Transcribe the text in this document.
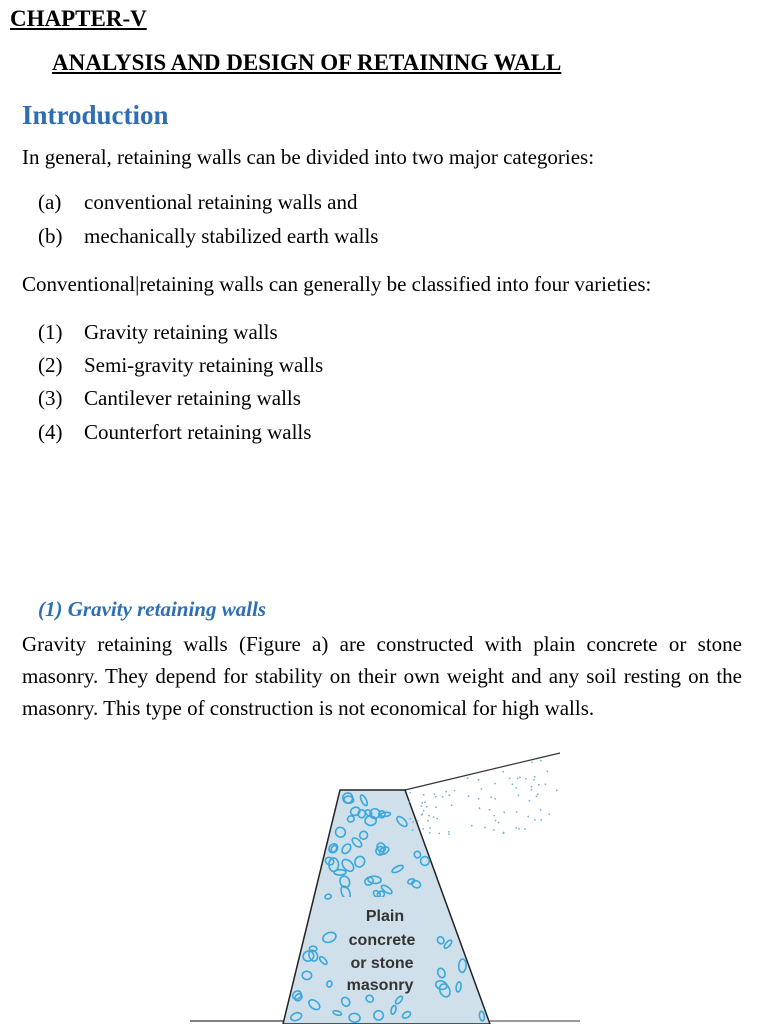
CHAPTER-V
ANALYSIS AND DESIGN OF RETAINING WALL
Introduction
In general, retaining walls can be divided into two major categories:
(a) conventional retaining walls and
(b) mechanically stabilized earth walls
Conventional|retaining walls can generally be classified into four varieties:
(1) Gravity retaining walls
(2) Semi-gravity retaining walls
(3) Cantilever retaining walls
(4) Counterfort retaining walls
(1) Gravity retaining walls
Gravity retaining walls (Figure a) are constructed with plain concrete or stone masonry. They depend for stability on their own weight and any soil resting on the masonry. This type of construction is not economical for high walls.
Plain
concrete
or stone
masonry
